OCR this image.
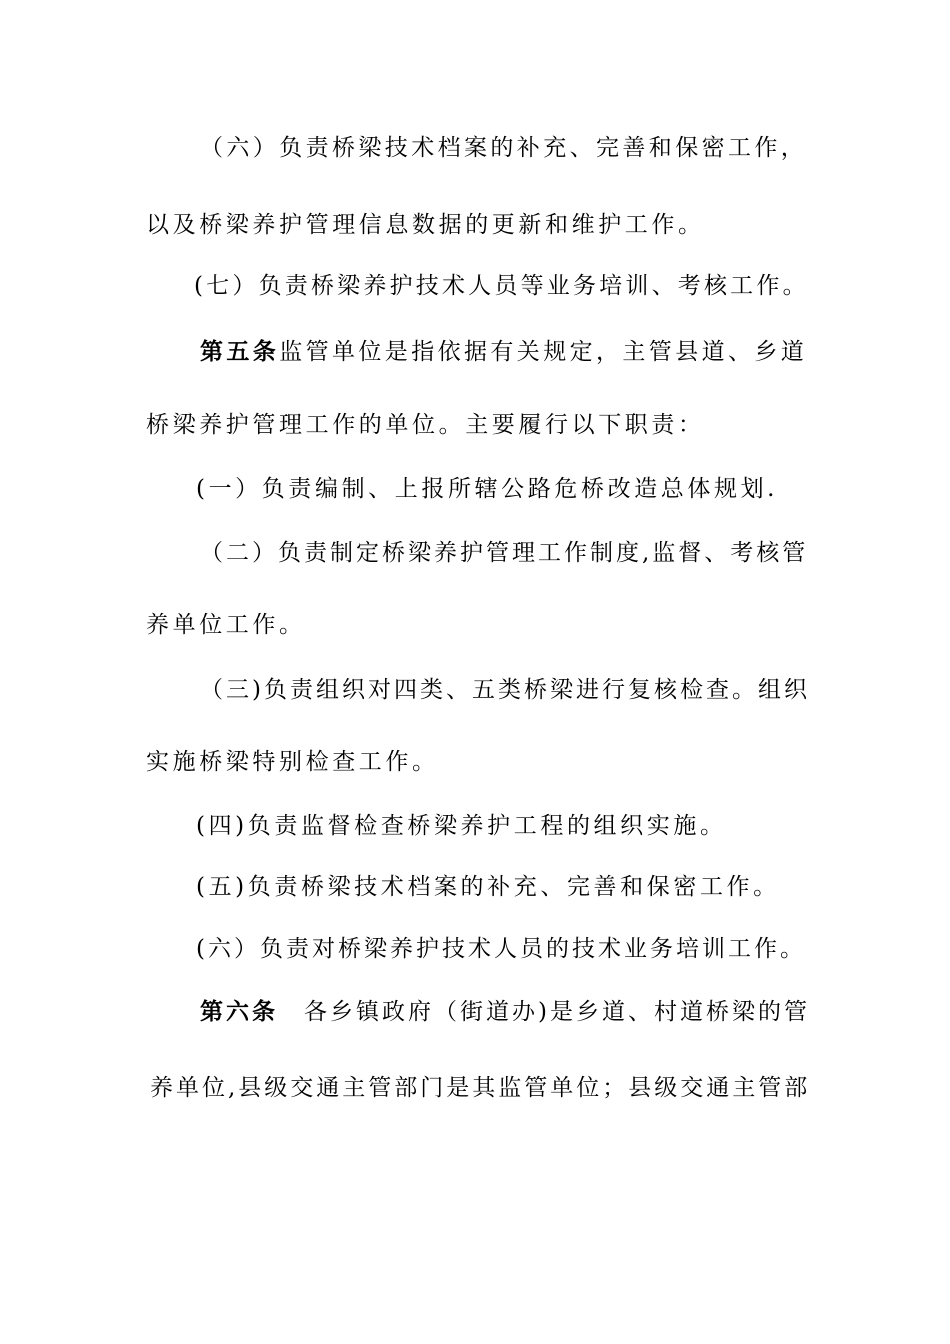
（六）负责桥梁技术档案的补充、完善和保密工作，
以及桥梁养护管理信息数据的更新和维护工作。
(七）负责桥梁养护技术人员等业务培训、考核工作。
第五条监管单位是指依据有关规定，主管县道、乡道
桥梁养护管理工作的单位。主要履行以下职责：
(一）负责编制、上报所辖公路危桥改造总体规划.
（二）负责制定桥梁养护管理工作制度,监督、考核管
养单位工作。
（三)负责组织对四类、五类桥梁进行复核检查。组织
实施桥梁特别检查工作。
(四)负责监督检查桥梁养护工程的组织实施。
(五)负责桥梁技术档案的补充、完善和保密工作。
(六）负责对桥梁养护技术人员的技术业务培训工作。
第六条 各乡镇政府（街道办)是乡道、村道桥梁的管
养单位,县级交通主管部门是其监管单位；县级交通主管部
